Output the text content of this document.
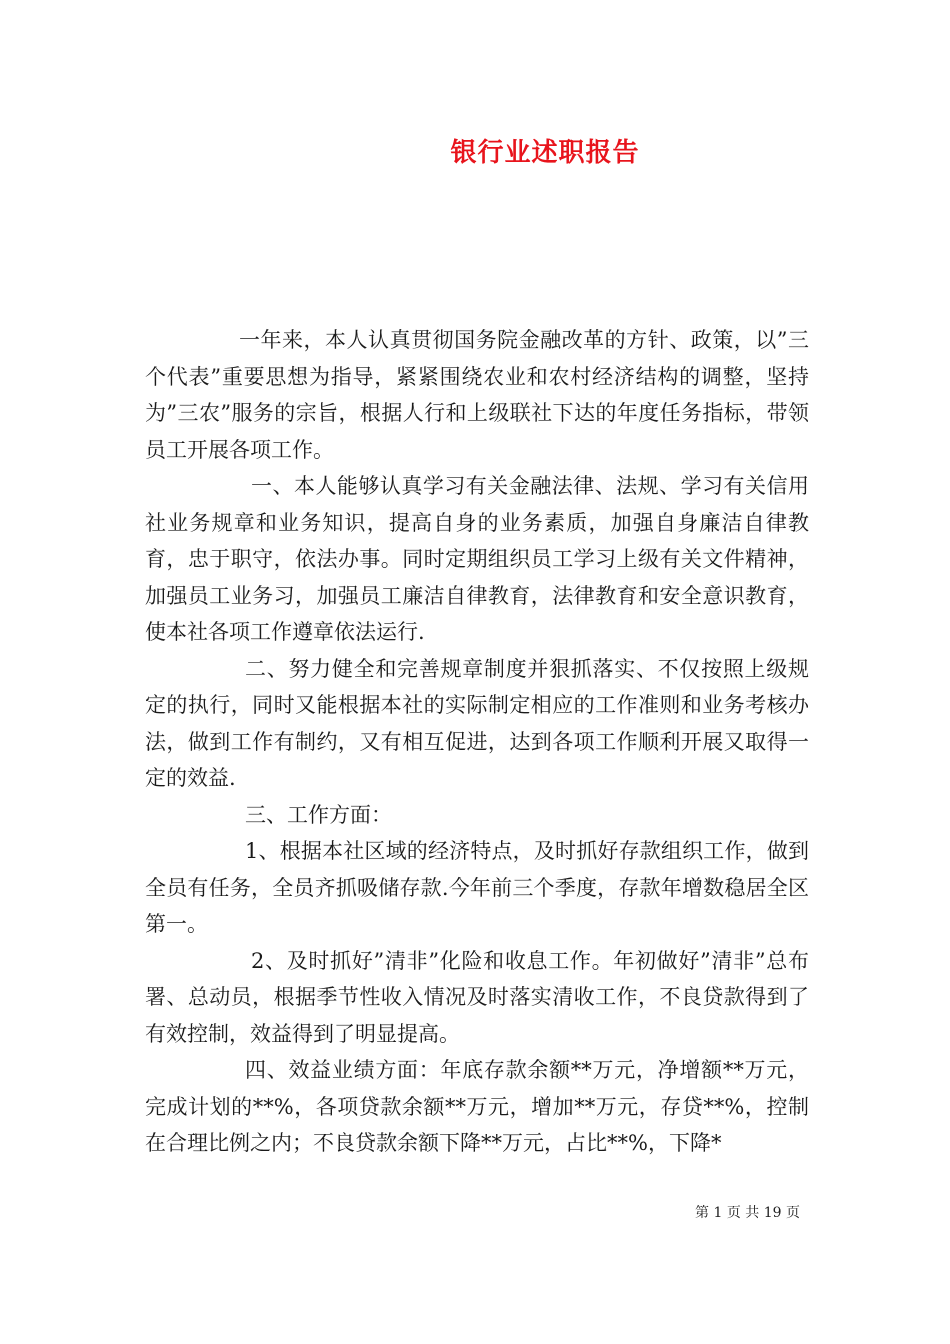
银行业述职报告

一年来，本人认真贯彻国务院金融改革的方针、政策，以”三个代表”重要思想为指导，紧紧围绕农业和农村经济结构的调整，坚持为”三农”服务的宗旨，根据人行和上级联社下达的年度任务指标，带领员工开展各项工作。

一、本人能够认真学习有关金融法律、法规、学习有关信用社业务规章和业务知识，提高自身的业务素质，加强自身廉洁自律教育，忠于职守，依法办事。同时定期组织员工学习上级有关文件精神，加强员工业务习，加强员工廉洁自律教育，法律教育和安全意识教育，使本社各项工作遵章依法运行.

二、努力健全和完善规章制度并狠抓落实、不仅按照上级规定的执行，同时又能根据本社的实际制定相应的工作准则和业务考核办法，做到工作有制约，又有相互促进，达到各项工作顺利开展又取得一定的效益.

三、工作方面：

1、根据本社区域的经济特点，及时抓好存款组织工作，做到全员有任务，全员齐抓吸储存款.今年前三个季度，存款年增数稳居全区第一。

2、及时抓好”清非”化险和收息工作。年初做好”清非”总布署、总动员，根据季节性收入情况及时落实清收工作，不良贷款得到了有效控制，效益得到了明显提高。

四、效益业绩方面：年底存款余额**万元，净增额**万元，完成计划的**%，各项贷款余额**万元，增加**万元，存贷**%，控制在合理比例之内；不良贷款余额下降**万元，占比**%，下降*

第 1 页 共 19 页
